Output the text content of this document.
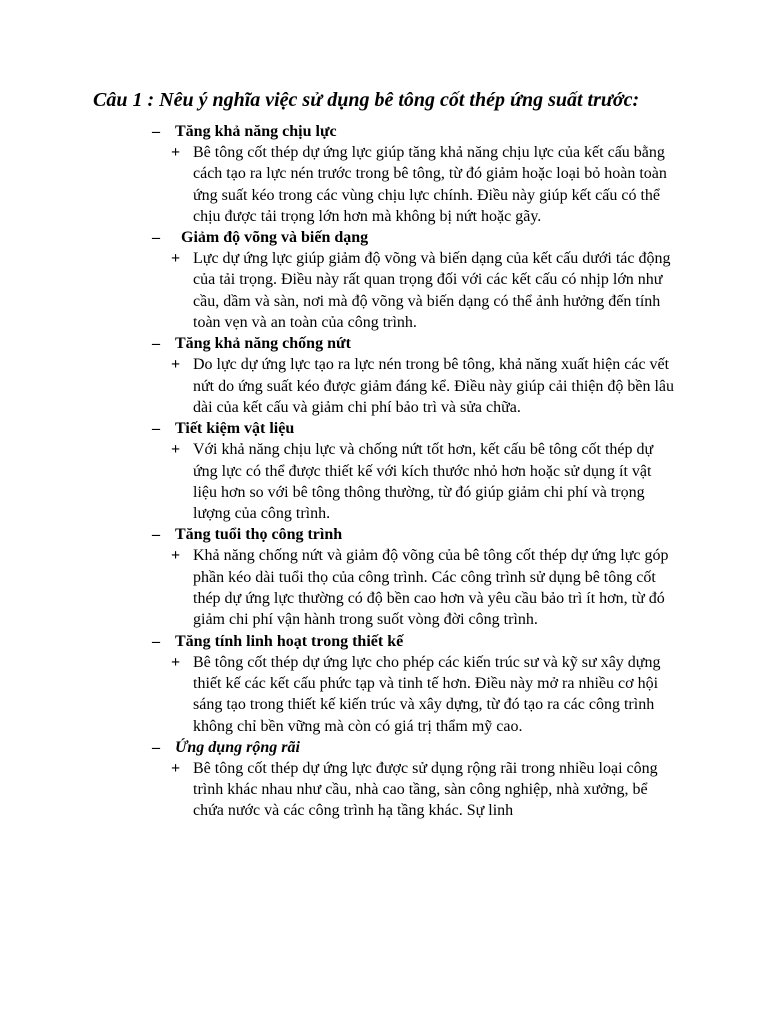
Câu 1 : Nêu ý nghĩa việc sử dụng bê tông cốt thép ứng suất trước:
– Tăng khả năng chịu lực
+ Bê tông cốt thép dự ứng lực giúp tăng khả năng chịu lực của kết cấu bằng cách tạo ra lực nén trước trong bê tông, từ đó giảm hoặc loại bỏ hoàn toàn ứng suất kéo trong các vùng chịu lực chính. Điều này giúp kết cấu có thể chịu được tải trọng lớn hơn mà không bị nứt hoặc gãy.
– Giảm độ võng và biến dạng
+ Lực dự ứng lực giúp giảm độ võng và biến dạng của kết cấu dưới tác động của tải trọng. Điều này rất quan trọng đối với các kết cấu có nhịp lớn như cầu, dầm và sàn, nơi mà độ võng và biến dạng có thể ảnh hưởng đến tính toàn vẹn và an toàn của công trình.
– Tăng khả năng chống nứt
+ Do lực dự ứng lực tạo ra lực nén trong bê tông, khả năng xuất hiện các vết nứt do ứng suất kéo được giảm đáng kể. Điều này giúp cải thiện độ bền lâu dài của kết cấu và giảm chi phí bảo trì và sửa chữa.
– Tiết kiệm vật liệu
+ Với khả năng chịu lực và chống nứt tốt hơn, kết cấu bê tông cốt thép dự ứng lực có thể được thiết kế với kích thước nhỏ hơn hoặc sử dụng ít vật liệu hơn so với bê tông thông thường, từ đó giúp giảm chi phí và trọng lượng của công trình.
– Tăng tuổi thọ công trình
+ Khả năng chống nứt và giảm độ võng của bê tông cốt thép dự ứng lực góp phần kéo dài tuổi thọ của công trình. Các công trình sử dụng bê tông cốt thép dự ứng lực thường có độ bền cao hơn và yêu cầu bảo trì ít hơn, từ đó giảm chi phí vận hành trong suốt vòng đời công trình.
– Tăng tính linh hoạt trong thiết kế
+ Bê tông cốt thép dự ứng lực cho phép các kiến trúc sư và kỹ sư xây dựng thiết kế các kết cấu phức tạp và tinh tế hơn. Điều này mở ra nhiều cơ hội sáng tạo trong thiết kế kiến trúc và xây dựng, từ đó tạo ra các công trình không chỉ bền vững mà còn có giá trị thẩm mỹ cao.
– Ứng dụng rộng rãi
+ Bê tông cốt thép dự ứng lực được sử dụng rộng rãi trong nhiều loại công trình khác nhau như cầu, nhà cao tầng, sàn công nghiệp, nhà xưởng, bể chứa nước và các công trình hạ tầng khác. Sự linh
